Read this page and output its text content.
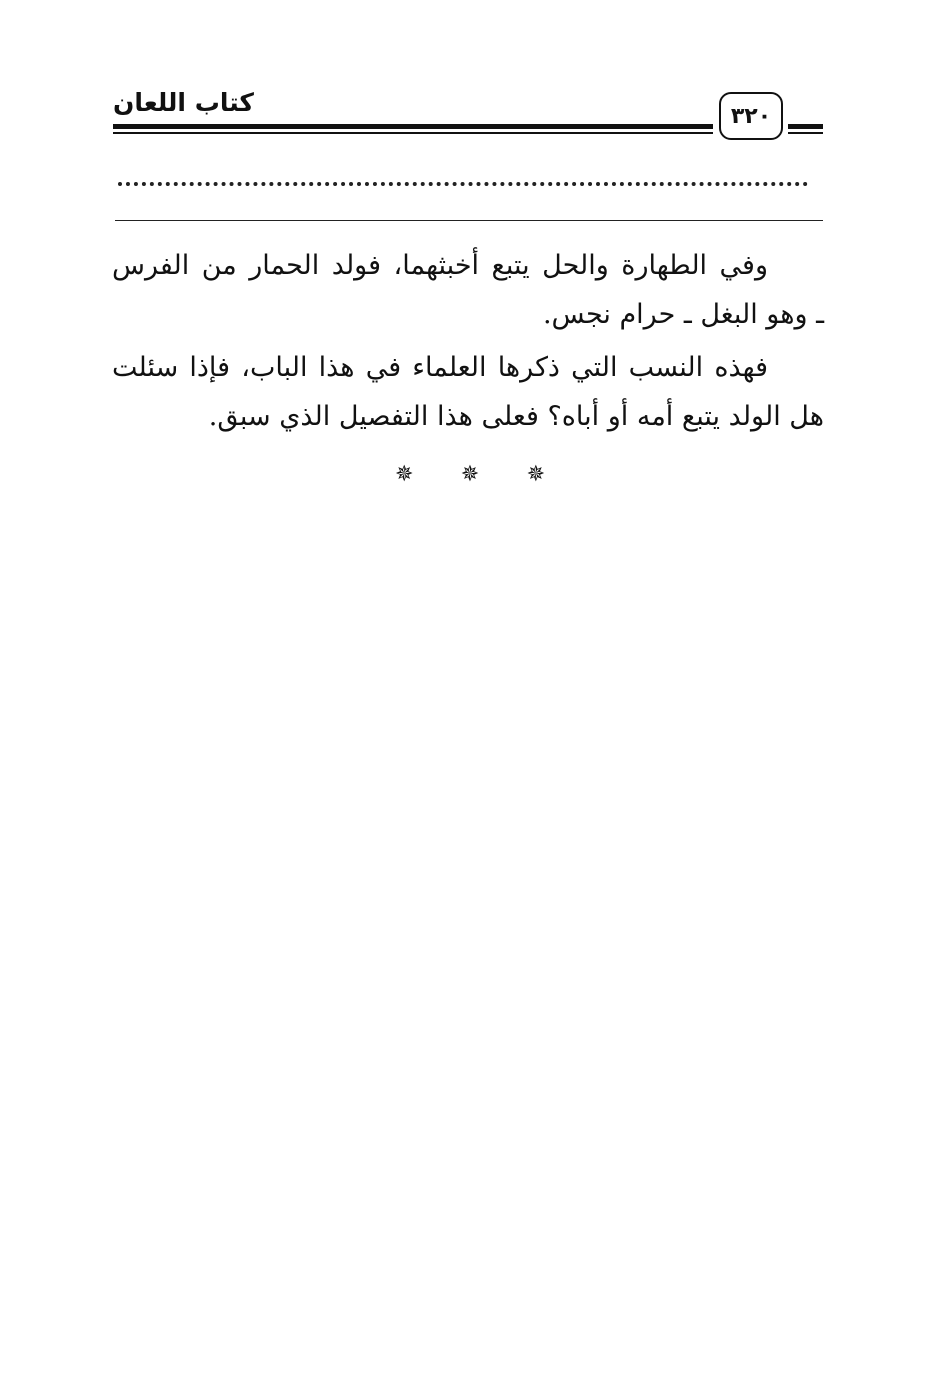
كتاب اللعان	٣٢٠
وفي الطهارة والحل يتبع أخبثهما، فولد الحمار من الفرس
ـ وهو البغل ـ حرام نجس.
فهذه النسب التي ذكرها العلماء في هذا الباب، فإذا سئلت
هل الولد يتبع أمه أو أباه؟ فعلى هذا التفصيل الذي سبق.
✵ ✵ ✵
